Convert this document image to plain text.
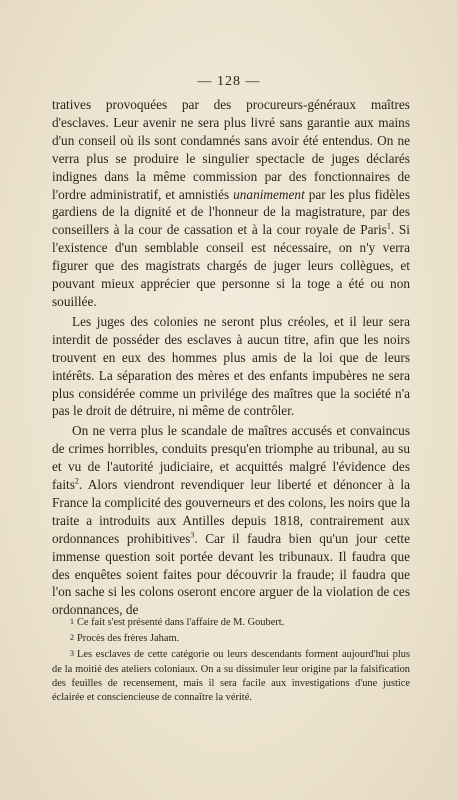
— 128 —

tratives provoquées par des procureurs-généraux maîtres d'esclaves. Leur avenir ne sera plus livré sans garantie aux mains d'un conseil où ils sont condamnés sans avoir été entendus. On ne verra plus se produire le singulier spectacle de juges déclarés indignes dans la même commission par des fonctionnaires de l'ordre administratif, et amnistiés unanimement par les plus fidèles gardiens de la dignité et de l'honneur de la magistrature, par des conseillers à la cour de cassation et à la cour royale de Paris$^1$. Si l'existence d'un semblable conseil est nécessaire, on n'y verra figurer que des magistrats chargés de juger leurs collègues, et pouvant mieux apprécier que personne si la toge a été ou non souillée.

Les juges des colonies ne seront plus créoles, et il leur sera interdit de posséder des esclaves à aucun titre, afin que les noirs trouvent en eux des hommes plus amis de la loi que de leurs intérêts. La séparation des mères et des enfants impubères ne sera plus considérée comme un privilége des maîtres que la société n'a pas le droit de détruire, ni même de contrôler.

On ne verra plus le scandale de maîtres accusés et convaincus de crimes horribles, conduits presqu'en triomphe au tribunal, au su et vu de l'autorité judiciaire, et acquittés malgré l'évidence des faits$^2$. Alors viendront revendiquer leur liberté et dénoncer à la France la complicité des gouverneurs et des colons, les noirs que la traite a introduits aux Antilles depuis 1818, contrairement aux ordonnances prohibitives$^3$. Car il faudra bien qu'un jour cette immense question soit portée devant les tribunaux. Il faudra que des enquêtes soient faites pour découvrir la fraude; il faudra que l'on sache si les colons oseront encore arguer de la violation de ces ordonnances, de

1 Ce fait s'est présenté dans l'affaire de M. Goubert.

2 Procès des frères Jaham.

3 Les esclaves de cette catégorie ou leurs descendants forment aujourd'hui plus de la moitié des ateliers coloniaux. On a su dissimuler leur origine par la falsification des feuilles de recensement, mais il sera facile aux investigations d'une justice éclairée et consciencieuse de connaître la vérité.
